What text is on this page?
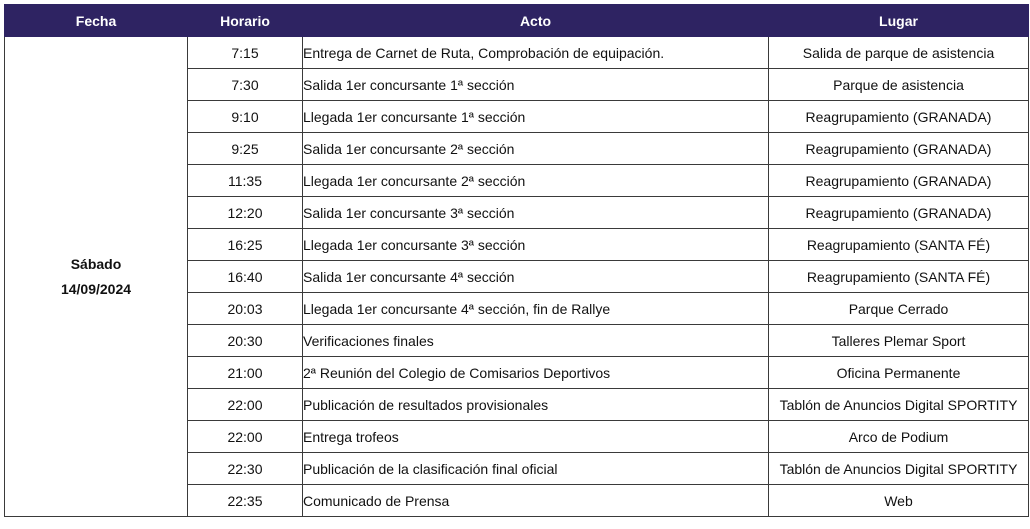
Fecha	Horario	Acto	Lugar
Sábado
14/09/2024	7:15	Entrega de Carnet de Ruta, Comprobación de equipación.	Salida de parque de asistencia
	7:30	Salida 1er concursante 1ª sección	Parque de asistencia
	9:10	Llegada 1er concursante 1ª sección	Reagrupamiento (GRANADA)
	9:25	Salida 1er concursante 2ª sección	Reagrupamiento (GRANADA)
	11:35	Llegada 1er concursante 2ª sección	Reagrupamiento (GRANADA)
	12:20	Salida 1er concursante 3ª sección	Reagrupamiento (GRANADA)
	16:25	Llegada 1er concursante 3ª sección	Reagrupamiento (SANTA FÉ)
	16:40	Salida 1er concursante 4ª sección	Reagrupamiento (SANTA FÉ)
	20:03	Llegada 1er concursante 4ª sección, fin de Rallye	Parque Cerrado
	20:30	Verificaciones finales	Talleres Plemar Sport
	21:00	2ª Reunión del Colegio de Comisarios Deportivos	Oficina Permanente
	22:00	Publicación de resultados provisionales	Tablón de Anuncios Digital SPORTITY
	22:00	Entrega trofeos	Arco de Podium
	22:30	Publicación de la clasificación final oficial	Tablón de Anuncios Digital SPORTITY
	22:35	Comunicado de Prensa	Web
